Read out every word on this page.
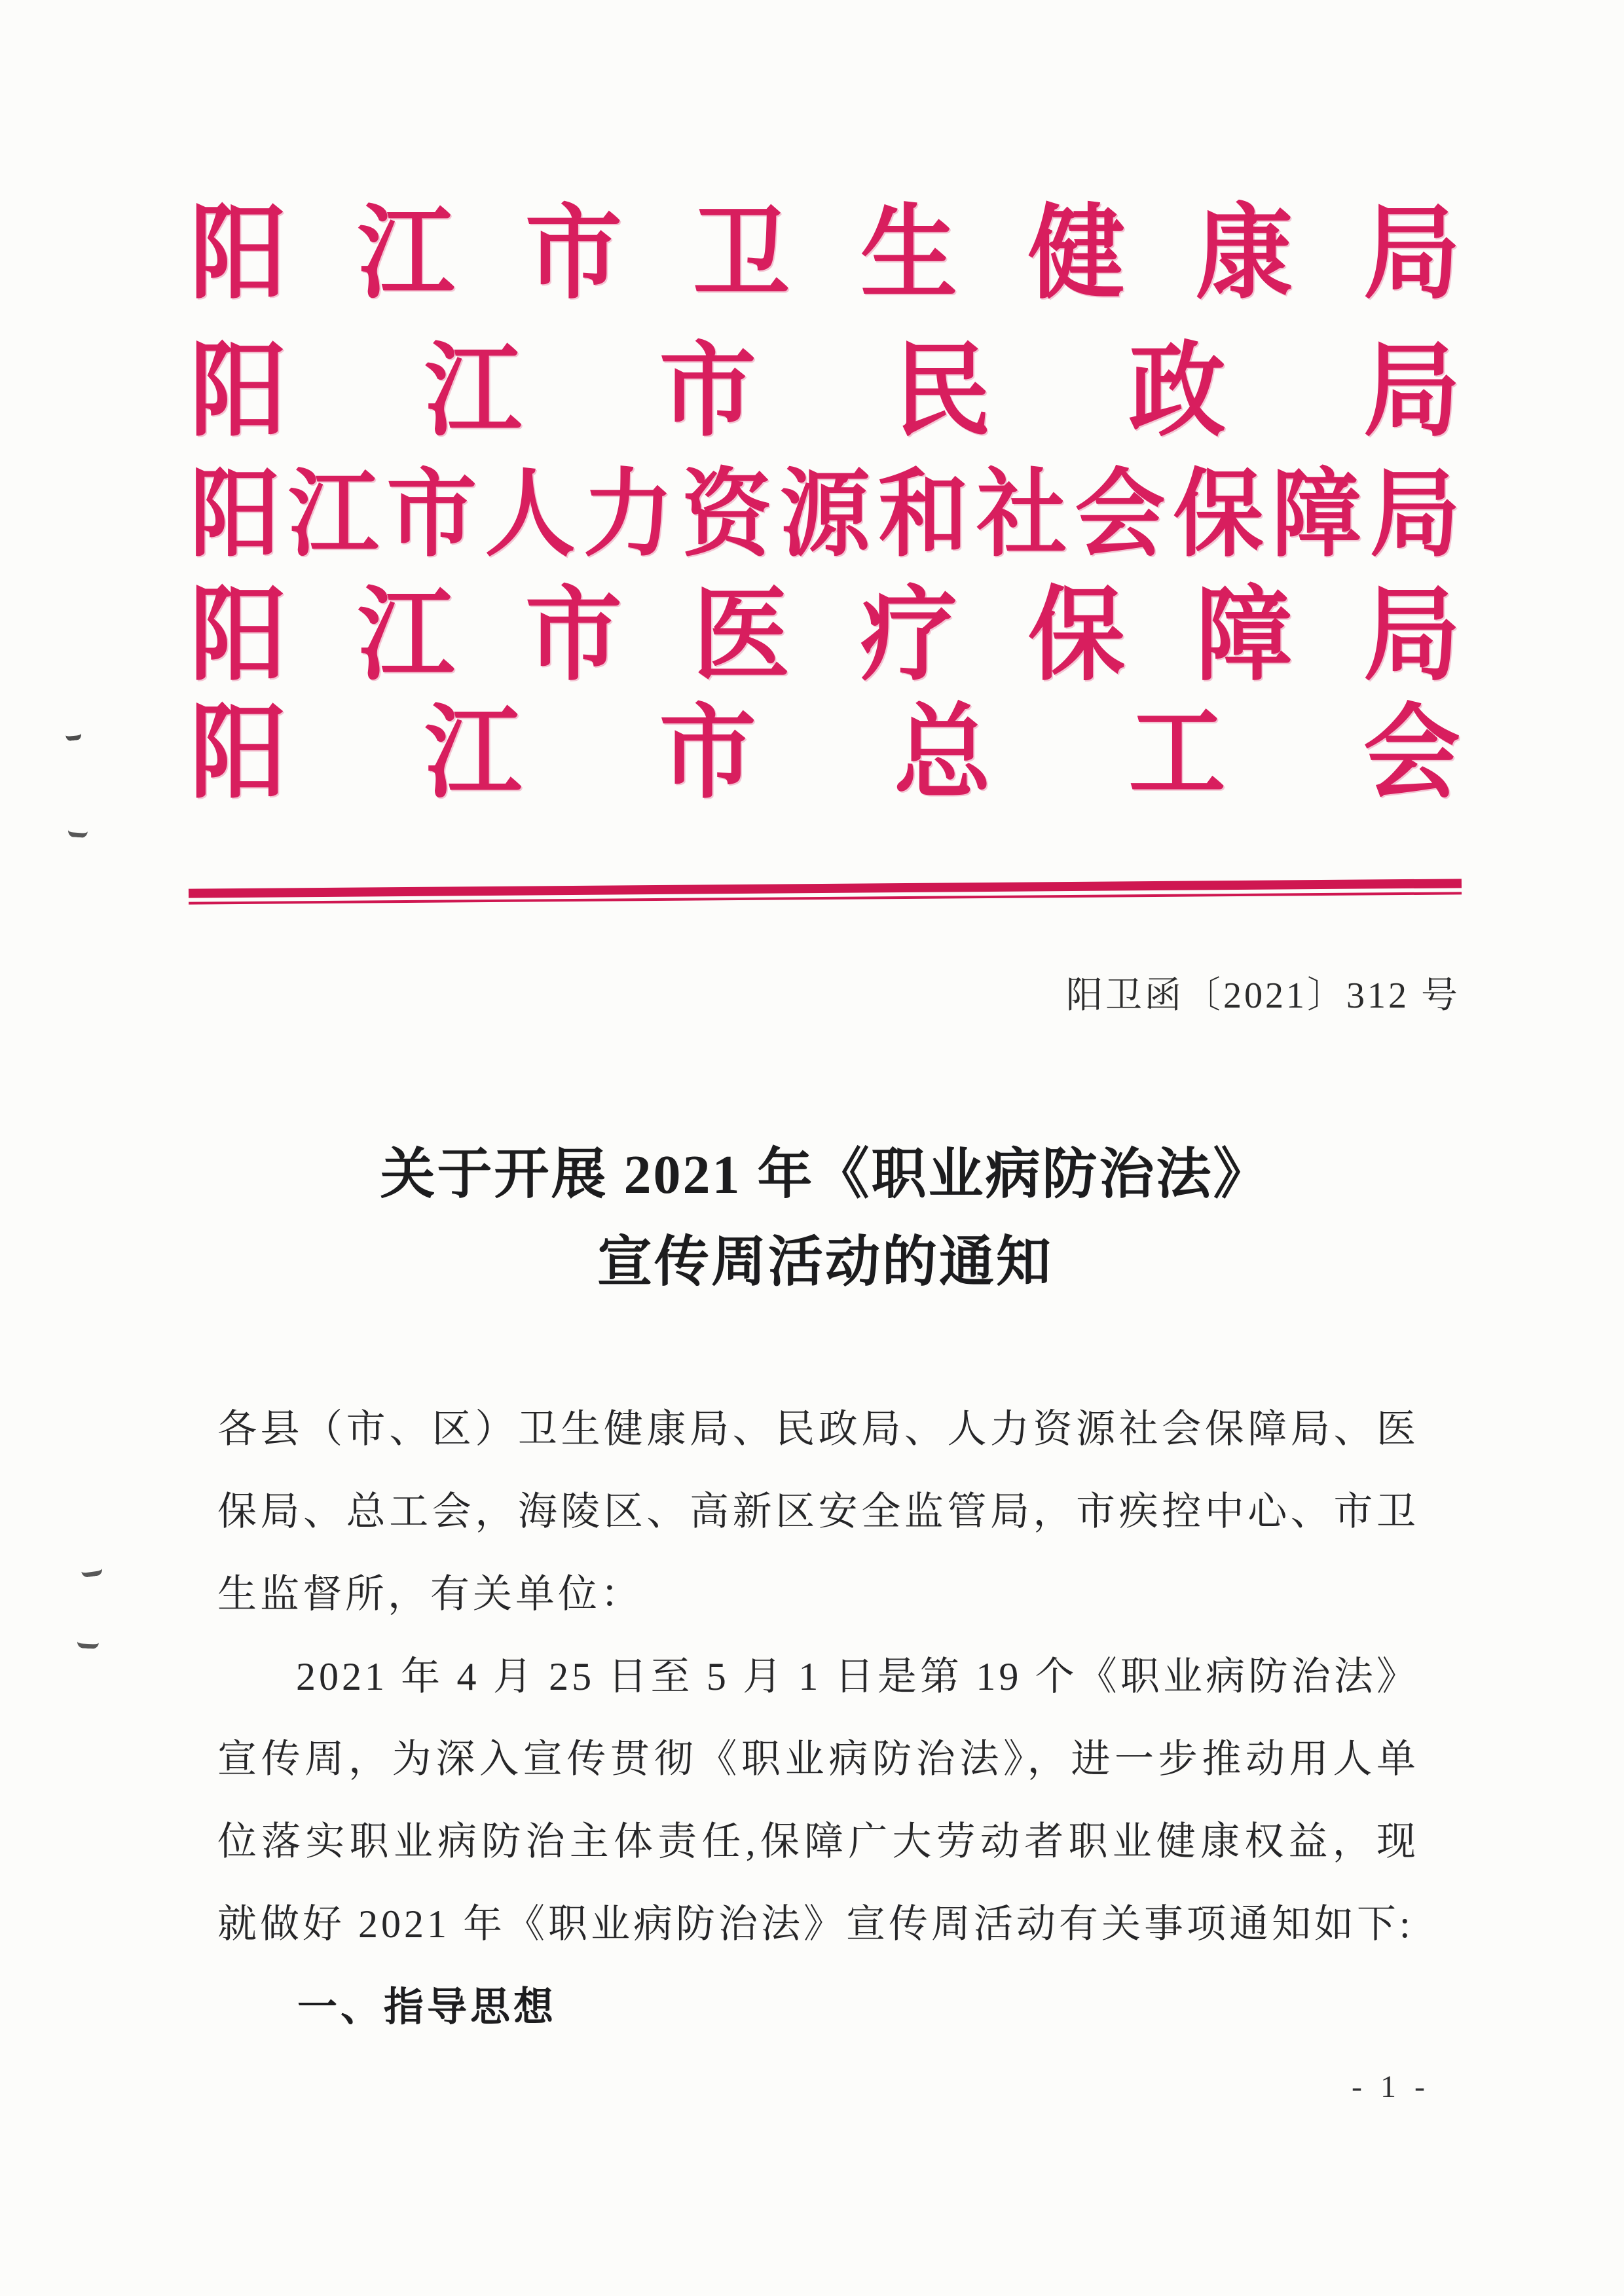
阳 江 市 卫 生 健 康 局
阳 江 市 民 政 局
阳 江 市 人 力 资 源 和 社 会 保 障 局
阳 江 市 医 疗 保 障 局
阳 江 市 总 工 会
阳卫函〔2021〕312 号
关于开展 2021 年《职业病防治法》
宣传周活动的通知

各县（市、区）卫生健康局、民政局、人力资源社会保障局、医保局、总工会，海陵区、高新区安全监管局，市疾控中心、市卫生监督所，有关单位：

2021 年 4 月 25 日至 5 月 1 日是第 19 个《职业病防治法》宣传周，为深入宣传贯彻《职业病防治法》，进一步推动用人单位落实职业病防治主体责任,保障广大劳动者职业健康权益，现就做好 2021 年《职业病防治法》宣传周活动有关事项通知如下:

一、指导思想

- 1 -
